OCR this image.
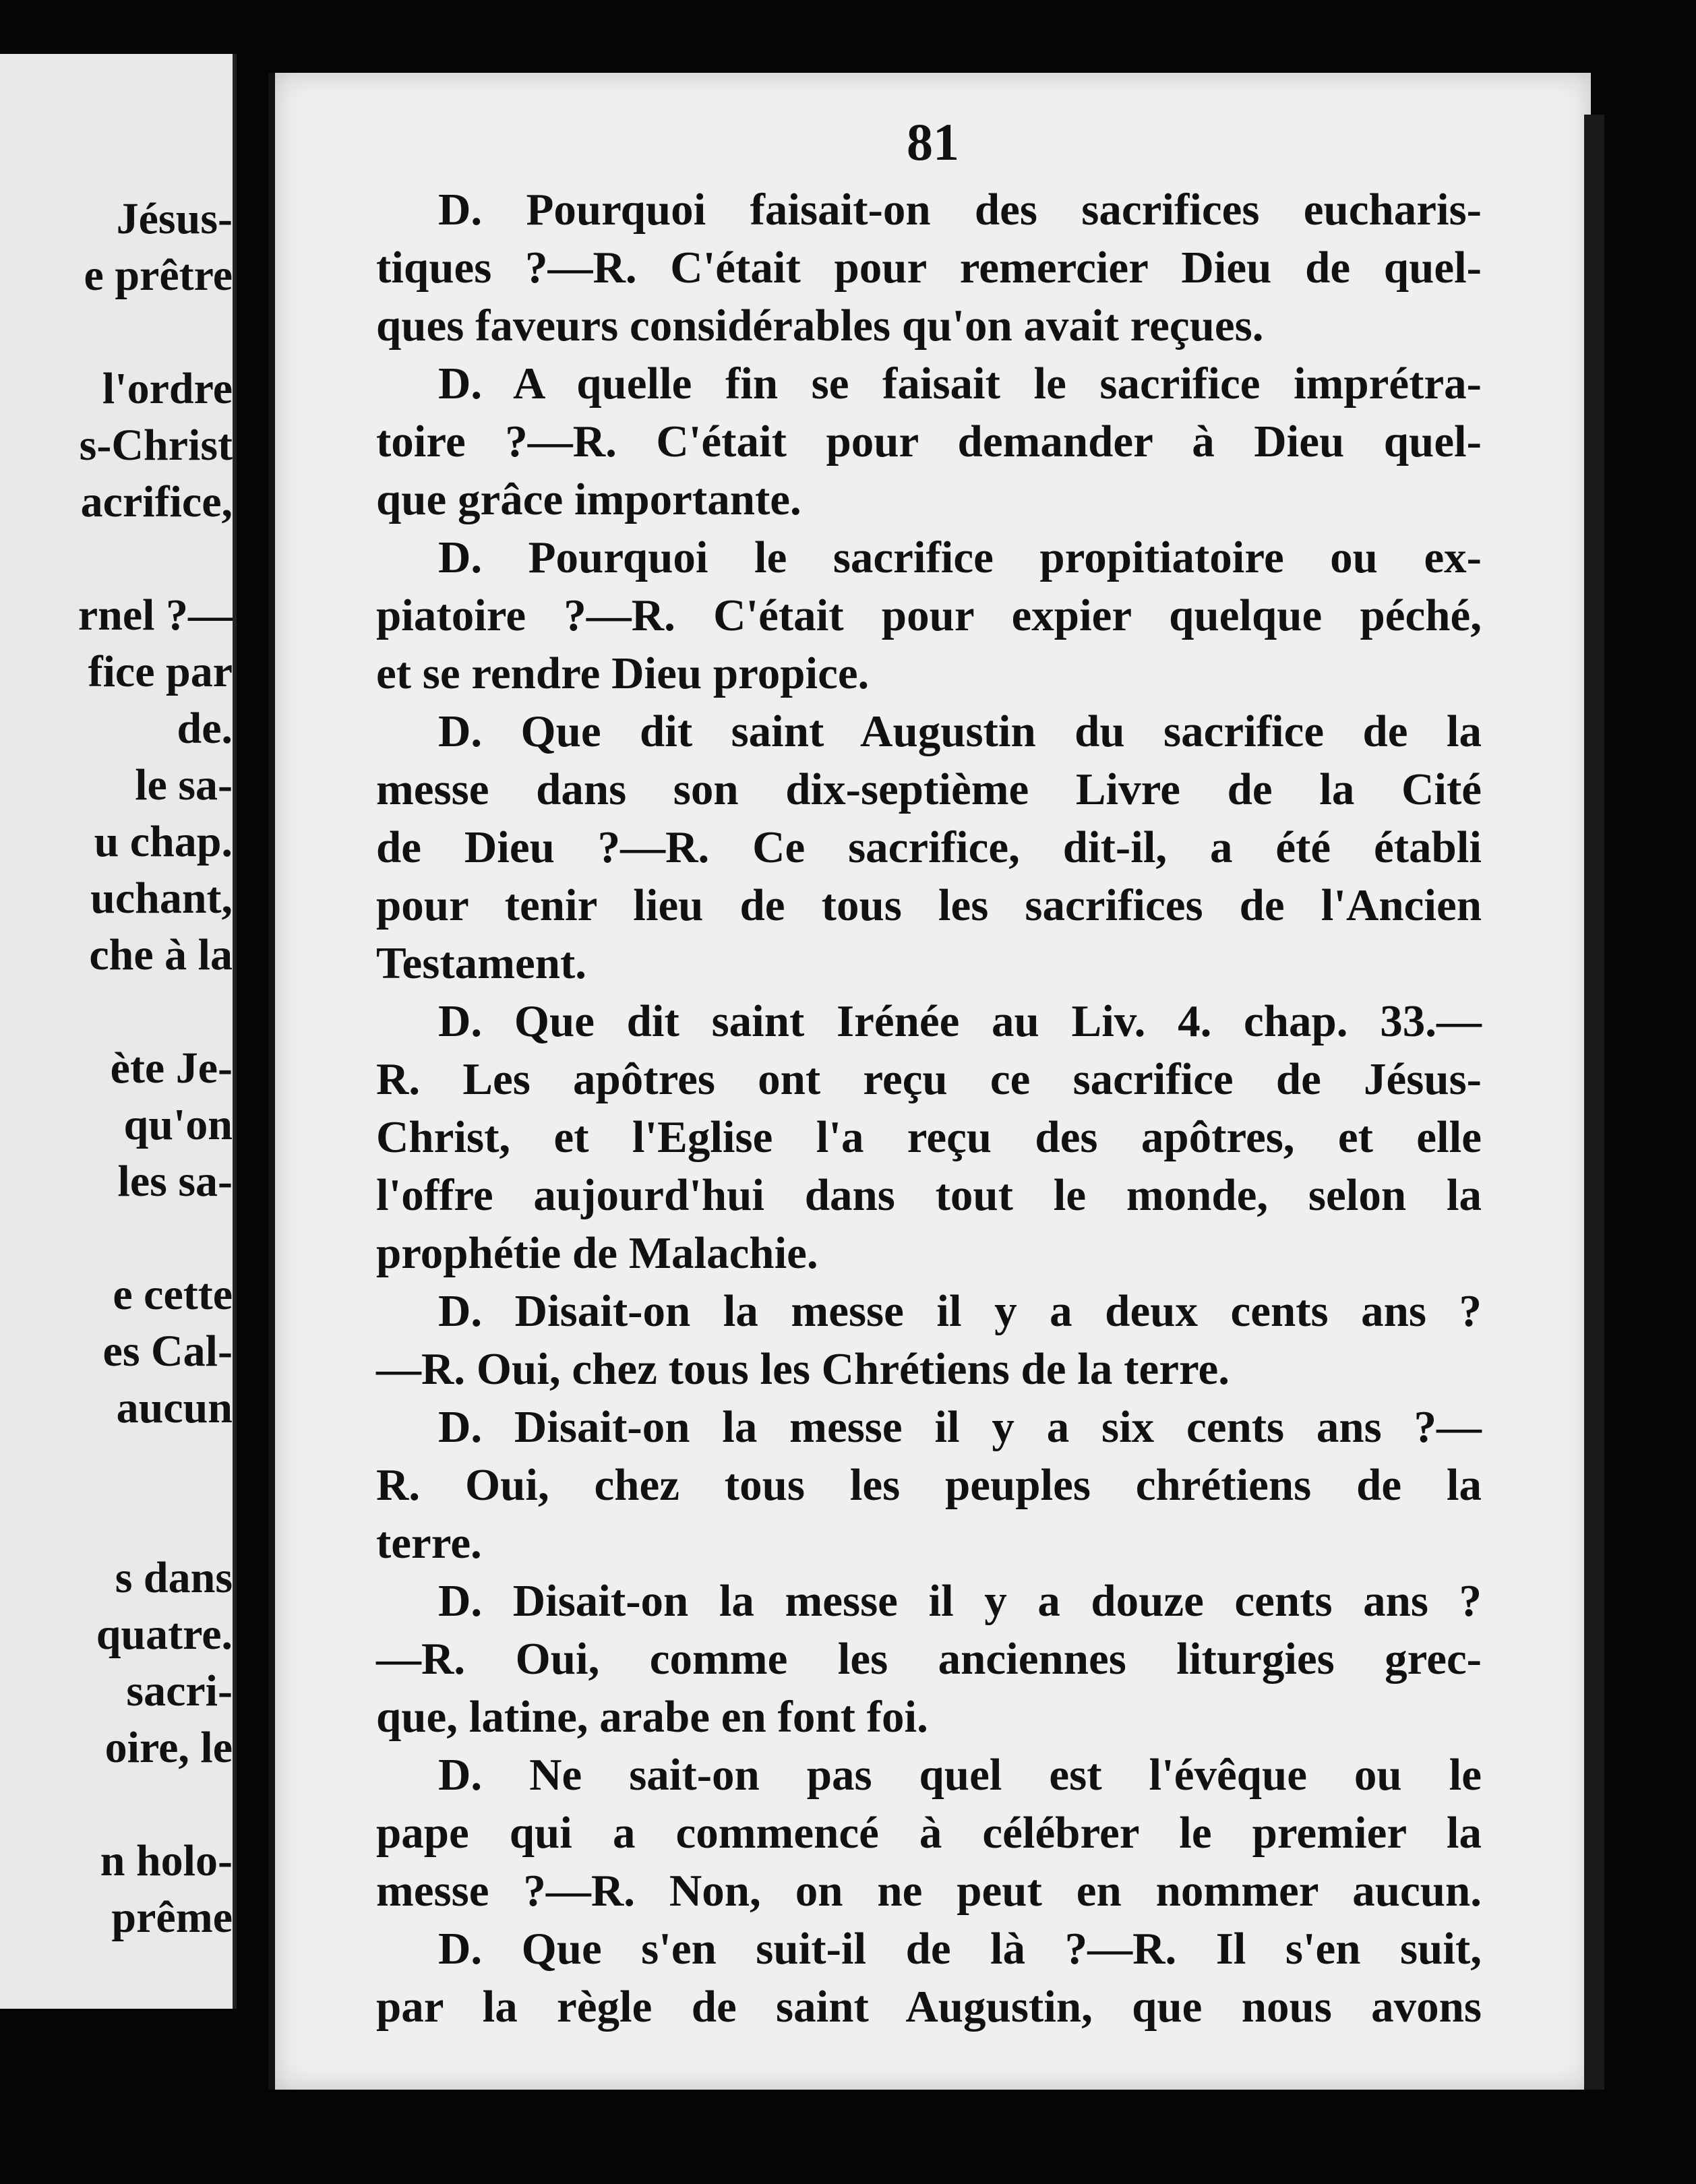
Jésus-
e prêtre
l'ordre
s-Christ
acrifice,
rnel ?—
fice par
de.
le sa-
u chap.
uchant,
che à la
ète Je-
qu'on
les sa-
e cette
es Cal-
aucun
s dans
quatre.
sacri-
oire, le
n holo-
prême
81
D. Pourquoi faisait-on des sacrifices eucharis-
tiques ?—R. C'était pour remercier Dieu de quel-
ques faveurs considérables qu'on avait reçues.
D. A quelle fin se faisait le sacrifice imprétra-
toire ?—R. C'était pour demander à Dieu quel-
que grâce importante.
D. Pourquoi le sacrifice propitiatoire ou ex-
piatoire ?—R. C'était pour expier quelque péché,
et se rendre Dieu propice.
D. Que dit saint Augustin du sacrifice de la
messe dans son dix-septième Livre de la Cité
de Dieu ?—R. Ce sacrifice, dit-il, a été établi
pour tenir lieu de tous les sacrifices de l'Ancien
Testament.
D. Que dit saint Irénée au Liv. 4. chap. 33.—
R. Les apôtres ont reçu ce sacrifice de Jésus-
Christ, et l'Eglise l'a reçu des apôtres, et elle
l'offre aujourd'hui dans tout le monde, selon la
prophétie de Malachie.
D. Disait-on la messe il y a deux cents ans ?
—R. Oui, chez tous les Chrétiens de la terre.
D. Disait-on la messe il y a six cents ans ?—
R. Oui, chez tous les peuples chrétiens de la
terre.
D. Disait-on la messe il y a douze cents ans ?
—R. Oui, comme les anciennes liturgies grec-
que, latine, arabe en font foi.
D. Ne sait-on pas quel est l'évêque ou le
pape qui a commencé à célébrer le premier la
messe ?—R. Non, on ne peut en nommer aucun.
D. Que s'en suit-il de là ?—R. Il s'en suit,
par la règle de saint Augustin, que nous avons
